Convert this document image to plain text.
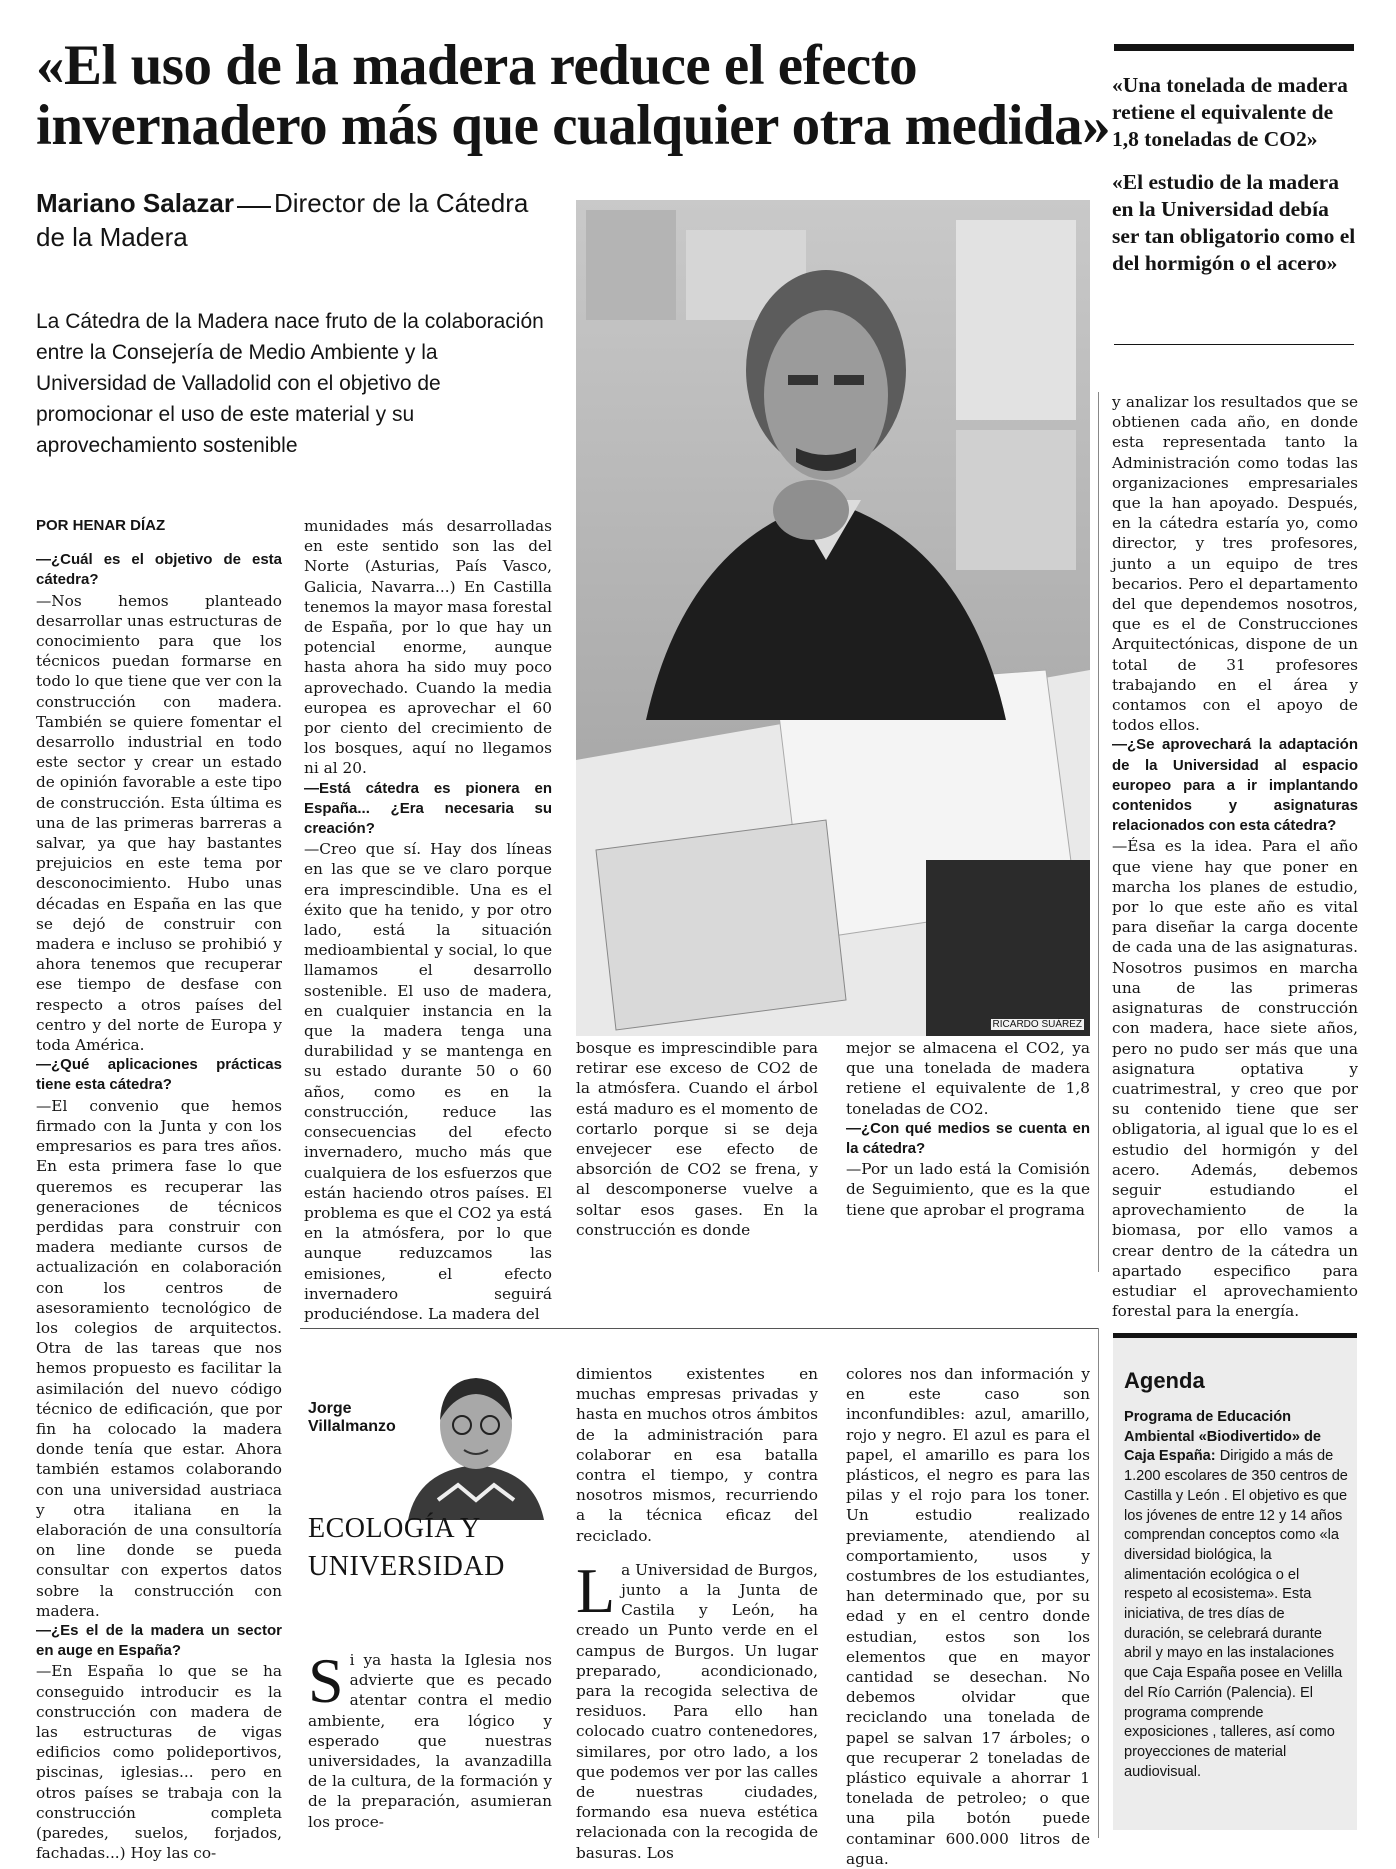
«El uso de la madera reduce el efecto
invernadero más que cualquier otra medida»
Mariano Salazar Director de la Cátedra
de la Madera
La Cátedra de la Madera nace fruto de la colaboración entre la Consejería de Medio Ambiente y la Universidad de Valladolid con el objetivo de promocionar el uso de este material y su aprovechamiento sostenible
POR HENAR DÍAZ

—¿Cuál es el objetivo de esta cátedra?

—Nos hemos planteado desarrollar unas estructuras de conocimiento para que los técnicos puedan formarse en todo lo que tiene que ver con la construcción con madera. También se quiere fomentar el desarrollo industrial en todo este sector y crear un estado de opinión favorable a este tipo de construcción. Esta última es una de las primeras barreras a salvar, ya que hay bastantes prejuicios en este tema por desconocimiento. Hubo unas décadas en España en las que se dejó de construir con madera e incluso se prohibió y ahora tenemos que recuperar ese tiempo de desfase con respecto a otros países del centro y del norte de Europa y toda América.

—¿Qué aplicaciones prácticas tiene esta cátedra?

—El convenio que hemos firmado con la Junta y con los empresarios es para tres años. En esta primera fase lo que queremos es recuperar las generaciones de técnicos perdidas para construir con madera mediante cursos de actualización en colaboración con los centros de asesoramiento tecnológico de los colegios de arquitectos. Otra de las tareas que nos hemos propuesto es facilitar la asimilación del nuevo código técnico de edificación, que por fin ha colocado la madera donde tenía que estar. Ahora también estamos colaborando con una universidad austriaca y otra italiana en la elaboración de una consultoría on line donde se pueda consultar con expertos datos sobre la construcción con madera.

—¿Es el de la madera un sector en auge en España?

—En España lo que se ha conseguido introducir es la construcción con madera de las estructuras de vigas edificios como polideportivos, piscinas, iglesias... pero en otros países se trabaja con la construcción completa (paredes, suelos, forjados, fachadas...) Hoy las co-

munidades más desarrolladas en este sentido son las del Norte (Asturias, País Vasco, Galicia, Navarra...) En Castilla tenemos la mayor masa forestal de España, por lo que hay un potencial enorme, aunque hasta ahora ha sido muy poco aprovechado. Cuando la media europea es aprovechar el 60 por ciento del crecimiento de los bosques, aquí no llegamos ni al 20.

—Está cátedra es pionera en España... ¿Era necesaria su creación?

—Creo que sí. Hay dos líneas en las que se ve claro porque era imprescindible. Una es el éxito que ha tenido, y por otro lado, está la situación medioambiental y social, lo que llamamos el desarrollo sostenible. El uso de madera, en cualquier instancia en la que la madera tenga una durabilidad y se mantenga en su estado durante 50 o 60 años, como es en la construcción, reduce las consecuencias del efecto invernadero, mucho más que cualquiera de los esfuerzos que están haciendo otros países. El problema es que el CO2 ya está en la atmósfera, por lo que aunque reduzcamos las emisiones, el efecto invernadero seguirá produciéndose. La madera del

RICARDO SUÁREZ
bosque es imprescindible para retirar ese exceso de CO2 de la atmósfera. Cuando el árbol está maduro es el momento de cortarlo porque si se deja envejecer ese efecto de absorción de CO2 se frena, y al descomponerse vuelve a soltar esos gases. En la construcción es donde

mejor se almacena el CO2, ya que una tonelada de madera retiene el equivalente de 1,8 toneladas de CO2.

—¿Con qué medios se cuenta en la cátedra?

—Por un lado está la Comisión de Seguimiento, que es la que tiene que aprobar el programa

«Una tonelada de madera retiene el equivalente de 1,8 toneladas de CO2»

«El estudio de la madera en la Universidad debía ser tan obligatorio como el del hormigón o el acero»

y analizar los resultados que se obtienen cada año, en donde esta representada tanto la Administración como todas las organizaciones empresariales que la han apoyado. Después, en la cátedra estaría yo, como director, y tres profesores, junto a un equipo de tres becarios. Pero el departamento del que dependemos nosotros, que es el de Construcciones Arquitectónicas, dispone de un total de 31 profesores trabajando en el área y contamos con el apoyo de todos ellos.

—¿Se aprovechará la adaptación de la Universidad al espacio europeo para a ir implantando contenidos y asignaturas relacionados con esta cátedra?

—Ésa es la idea. Para el año que viene hay que poner en marcha los planes de estudio, por lo que este año es vital para diseñar la carga docente de cada una de las asignaturas. Nosotros pusimos en marcha una de las primeras asignaturas de construcción con madera, hace siete años, pero no pudo ser más que una asignatura optativa y cuatrimestral, y creo que por su contenido tiene que ser obligatoria, al igual que lo es el estudio del hormigón y del acero. Además, debemos seguir estudiando el aprovechamiento de la biomasa, por ello vamos a crear dentro de la cátedra un apartado especifico para estudiar el aprovechamiento forestal para la energía.

Jorge
Villalmanzo
ECOLOGÍA Y
UNIVERSIDAD
Si ya hasta la Iglesia nos advierte que es pecado atentar contra el medio ambiente, era lógico y esperado que nuestras universidades, la avanzadilla de la cultura, de la formación y de la preparación, asumieran los proce-

dimientos existentes en muchas empresas privadas y hasta en muchos otros ámbitos de la administración para colaborar en esa batalla contra el tiempo, y contra nosotros mismos, recurriendo a la técnica eficaz del reciclado.

La Universidad de Burgos, junto a la Junta de Castila y León, ha creado un Punto verde en el campus de Burgos. Un lugar preparado, acondicionado, para la recogida selectiva de residuos. Para ello han colocado cuatro contenedores, similares, por otro lado, a los que podemos ver por las calles de nuestras ciudades, formando esa nueva estética relacionada con la recogida de basuras. Los

colores nos dan información y en este caso son inconfundibles: azul, amarillo, rojo y negro. El azul es para el papel, el amarillo es para los plásticos, el negro es para las pilas y el rojo para los toner. Un estudio realizado previamente, atendiendo al comportamiento, usos y costumbres de los estudiantes, han determinado que, por su edad y en el centro donde estudian, estos son los elementos que en mayor cantidad se desechan. No debemos olvidar que reciclando una tonelada de papel se salvan 17 árboles; o que recuperar 2 toneladas de plástico equivale a ahorrar 1 tonelada de petroleo; o que una pila botón puede contaminar 600.000 litros de agua.
Agenda
Programa de Educación Ambiental «Biodivertido» de Caja España: Dirigido a más de 1.200 escolares de 350 centros de Castilla y León . El objetivo es que los jóvenes de entre 12 y 14 años comprendan conceptos como «la diversidad biológica, la alimentación ecológica o el respeto al ecosistema». Esta iniciativa, de tres días de duración, se celebrará durante abril y mayo en las instalaciones que Caja España posee en Velilla del Río Carrión (Palencia). El programa comprende exposiciones , talleres, así como proyecciones de material audiovisual.
